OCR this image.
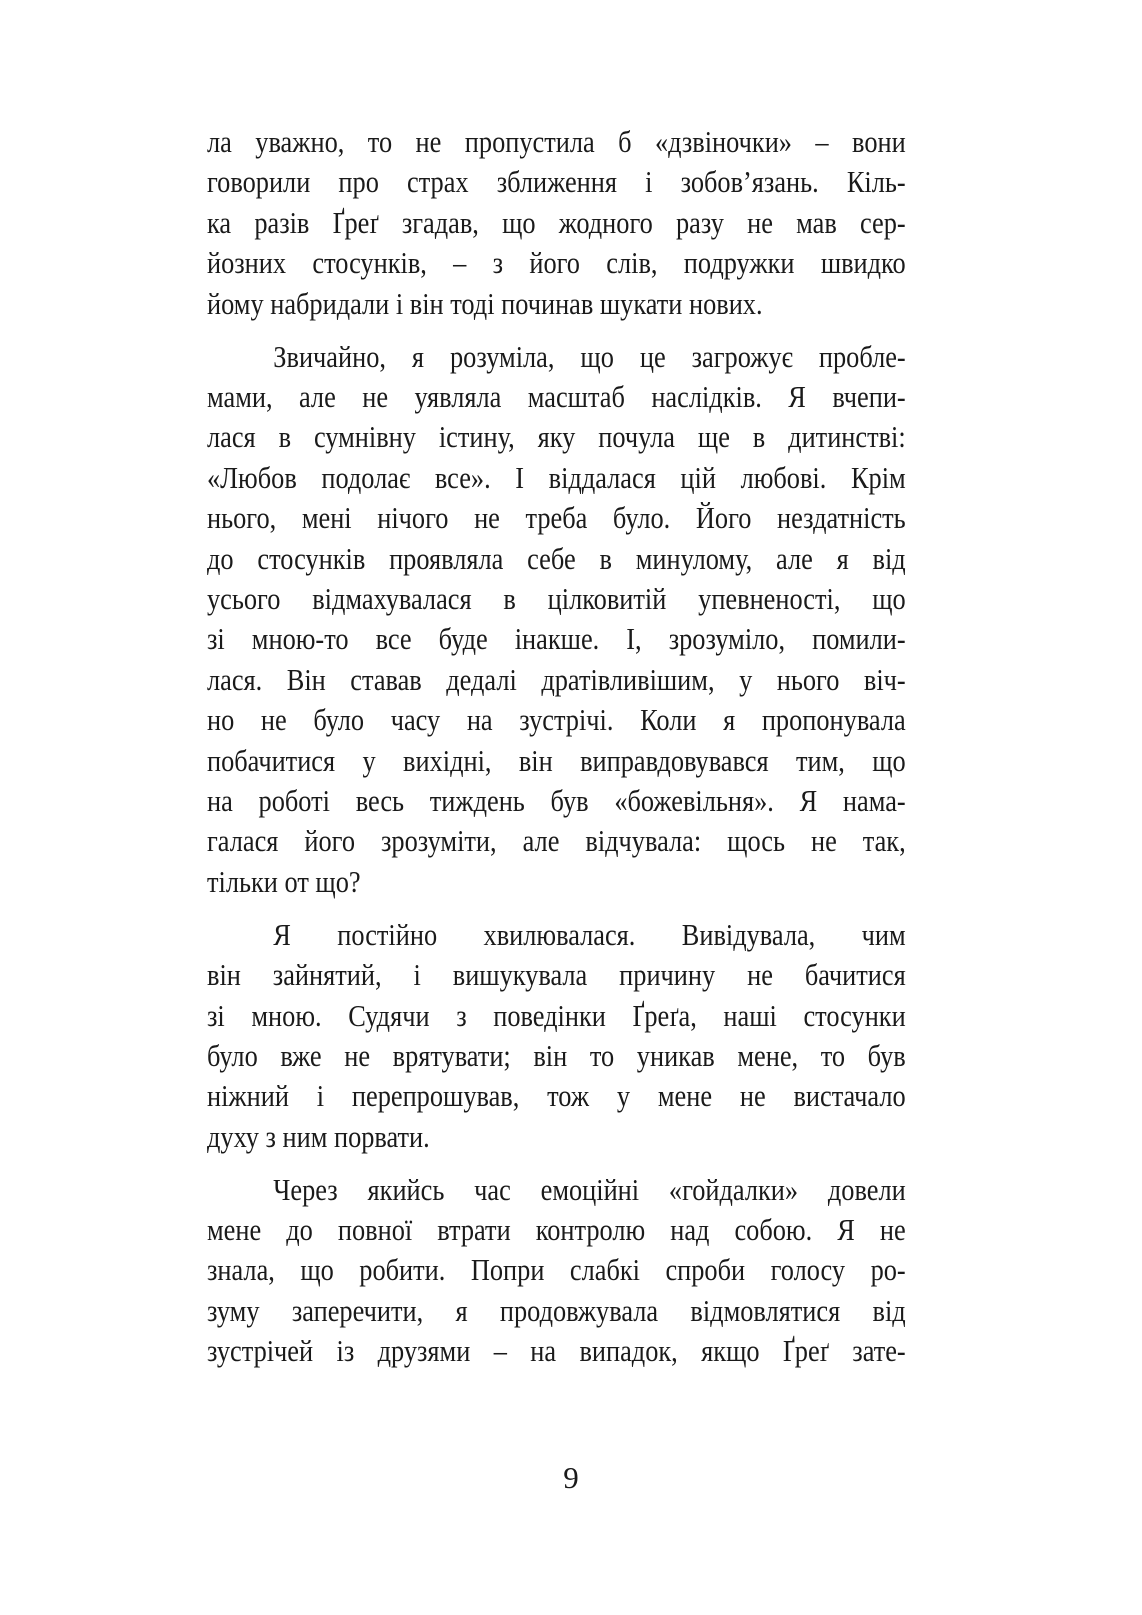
ла уважно, то не пропустила б «дзвіночки» – вони
говорили про страх зближення і зобов’язань. Кіль-
ка разів Ґреґ згадав, що жодного разу не мав сер-
йозних стосунків, – з його слів, подружки швидко
йому набридали і він тоді починав шукати нових.
Звичайно, я розуміла, що це загрожує пробле-
мами, але не уявляла масштаб наслідків. Я вчепи-
лася в сумнівну істину, яку почула ще в дитинстві:
«Любов подолає все». І віддалася цій любові. Крім
нього, мені нічого не треба було. Його нездатність
до стосунків проявляла себе в минулому, але я від
усього відмахувалася в цілковитій упевненості, що
зі мною-то все буде інакше. І, зрозуміло, помили-
лася. Він ставав дедалі дратівливішим, у нього віч-
но не було часу на зустрічі. Коли я пропонувала
побачитися у вихідні, він виправдовувався тим, що
на роботі весь тиждень був «божевільня». Я нама-
галася його зрозуміти, але відчувала: щось не так,
тільки от що?
Я постійно хвилювалася. Вивідувала, чим
він зайнятий, і вишукувала причину не бачитися
зі мною. Судячи з поведінки Ґреґа, наші стосунки
було вже не врятувати; він то уникав мене, то був
ніжний і перепрошував, тож у мене не вистачало
духу з ним порвати.
Через якийсь час емоційні «гойдалки» довели
мене до повної втрати контролю над собою. Я не
знала, що робити. Попри слабкі спроби голосу ро-
зуму заперечити, я продовжувала відмовлятися від
зустрічей із друзями – на випадок, якщо Ґреґ зате-
9
